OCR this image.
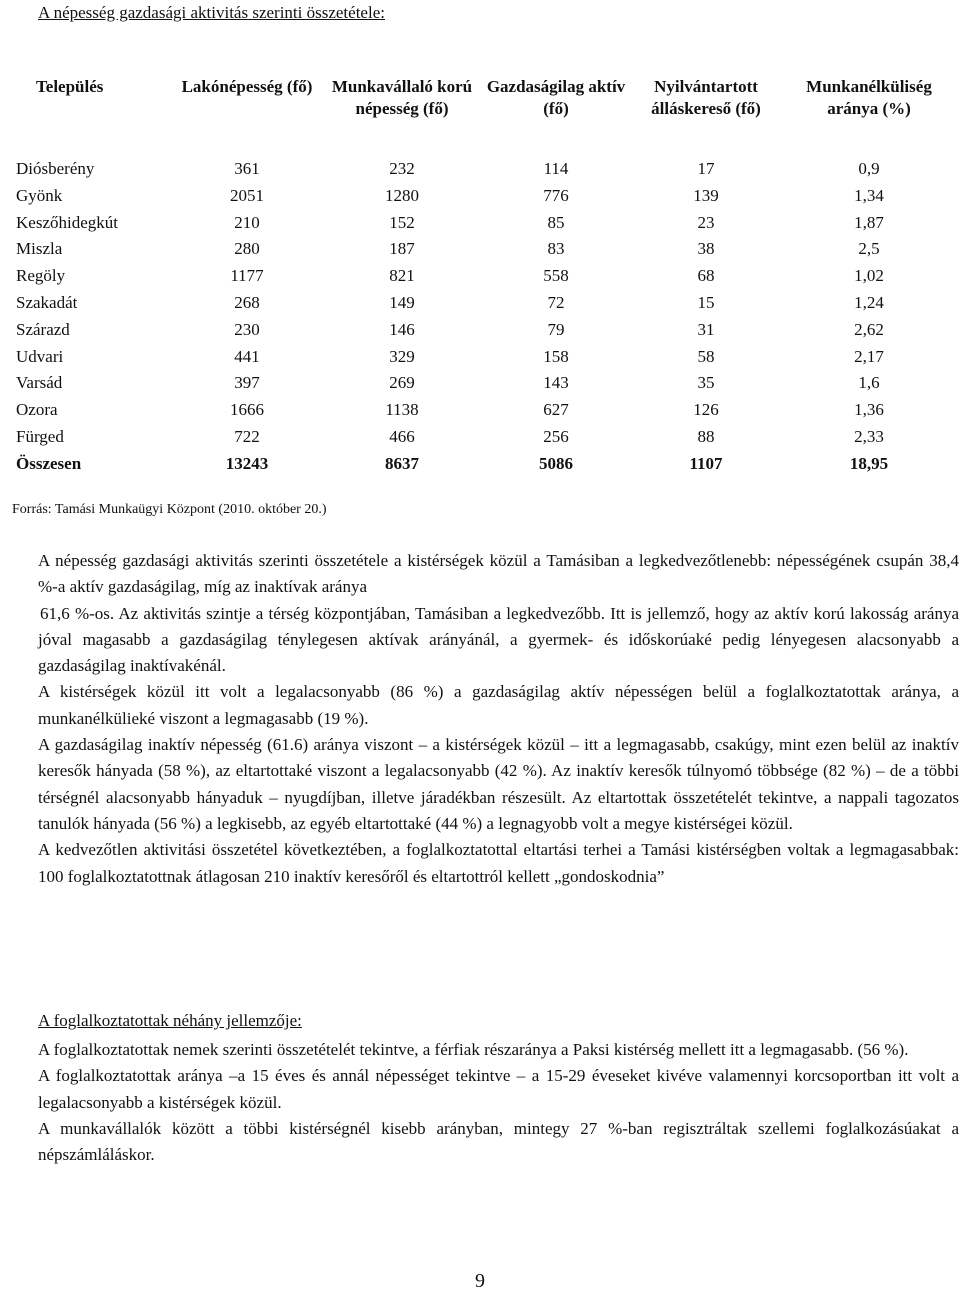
A népesség gazdasági aktivitás szerinti összetétele:
Település	Lakónépesség (fő)	Munkavállaló korú népesség (fő)	Gazdaságilag aktív (fő)	Nyilvántartott álláskereső (fő)	Munkanélküliség aránya (%)
Diósberény	361	232	114	17	0,9
Gyönk	2051	1280	776	139	1,34
Keszőhidegkút	210	152	85	23	1,87
Miszla	280	187	83	38	2,5
Regöly	1177	821	558	68	1,02
Szakadát	268	149	72	15	1,24
Szárazd	230	146	79	31	2,62
Udvari	441	329	158	58	2,17
Varsád	397	269	143	35	1,6
Ozora	1666	1138	627	126	1,36
Fürged	722	466	256	88	2,33
Összesen	13243	8637	5086	1107	18,95

Forrás: Tamási Munkaügyi Központ (2010. október 20.)

A népesség gazdasági aktivitás szerinti összetétele a kistérségek közül a Tamásiban a legkedvezőtlenebb: népességének csupán 38,4 %-a aktív gazdaságilag, míg az inaktívak aránya

61,6 %-os. Az aktivitás szintje a térség központjában, Tamásiban a legkedvezőbb. Itt is jellemző, hogy az aktív korú lakosság aránya jóval magasabb a gazdaságilag ténylegesen aktívak arányánál, a gyermek- és időskorúaké pedig lényegesen alacsonyabb a gazdaságilag inaktívakénál.

A kistérségek közül itt volt a legalacsonyabb (86 %) a gazdaságilag aktív népességen belül a foglalkoztatottak aránya, a munkanélkülieké viszont a legmagasabb (19 %).

A gazdaságilag inaktív népesség (61.6) aránya viszont – a kistérségek közül – itt a legmagasabb, csakúgy, mint ezen belül az inaktív keresők hányada (58 %), az eltartottaké viszont a legalacsonyabb (42 %). Az inaktív keresők túlnyomó többsége (82 %) – de a többi térségnél alacsonyabb hányaduk – nyugdíjban, illetve járadékban részesült. Az eltartottak összetételét tekintve, a nappali tagozatos tanulók hányada (56 %) a legkisebb, az egyéb eltartottaké (44 %) a legnagyobb volt a megye kistérségei közül.

A kedvezőtlen aktivitási összetétel következtében, a foglalkoztatottal eltartási terhei a Tamási kistérségben voltak a legmagasabbak: 100 foglalkoztatottnak átlagosan 210 inaktív keresőről és eltartottról kellett „gondoskodnia”

A foglalkoztatottak néhány jellemzője:

A foglalkoztatottak nemek szerinti összetételét tekintve, a férfiak részaránya a Paksi kistérség mellett itt a legmagasabb. (56 %).

A foglalkoztatottak aránya –a 15 éves és annál népességet tekintve – a 15-29 éveseket kivéve valamennyi korcsoportban itt volt a legalacsonyabb a kistérségek közül.

A munkavállalók között a többi kistérségnél kisebb arányban, mintegy 27 %-ban regisztráltak szellemi foglalkozásúakat a népszámláláskor.

9
